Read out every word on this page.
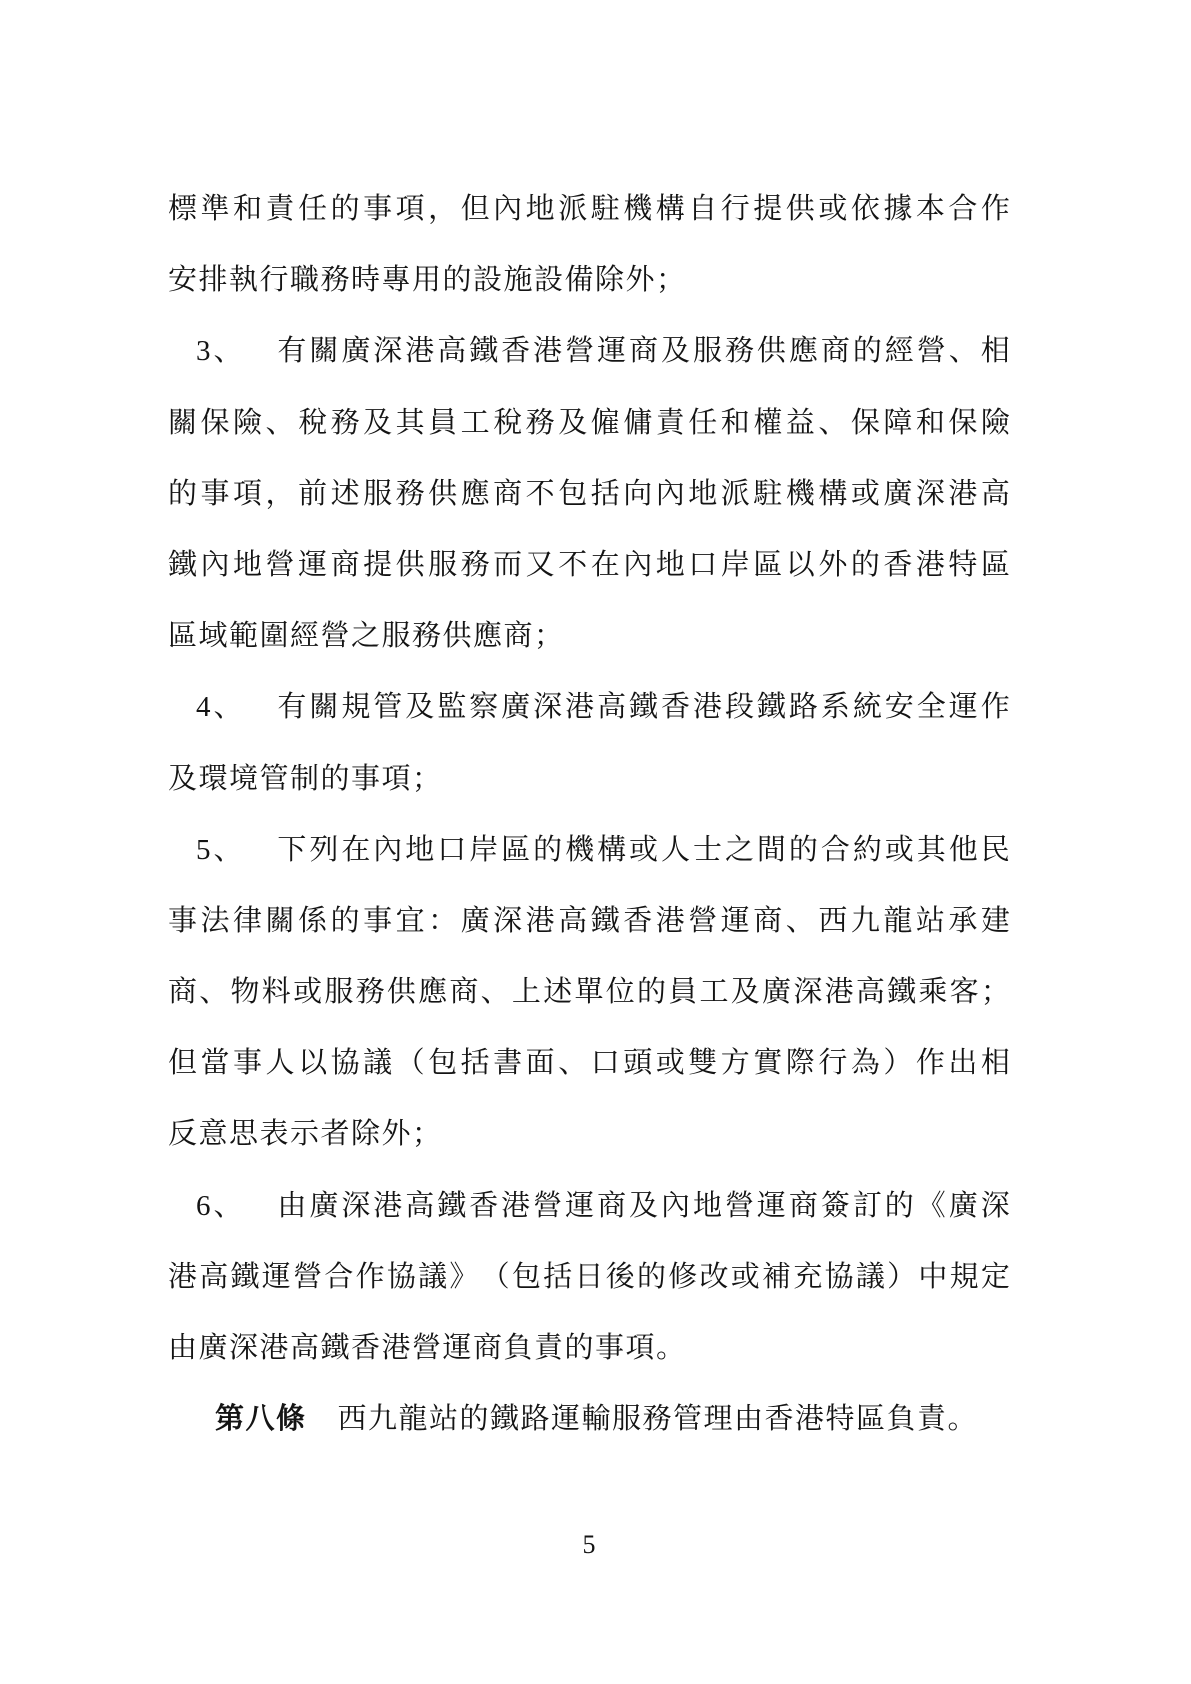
標 準 和 責 任 的 事 項 ， 但 內 地 派 駐 機 構 自 行 提 供 或 依 據 本 合 作
安排執行職務時專用的設施設備除外；
3 、
　 有 關 廣 深 港 高 鐵 香 港 營 運 商 及 服 務 供 應 商 的 經 營 、 相
關 保 險 、 稅 務 及 其 員 工 稅 務 及 僱 傭 責 任 和 權 益 、 保 障 和 保 險
的 事 項 ， 前 述 服 務 供 應 商 不 包 括 向 內 地 派 駐 機 構 或 廣 深 港 高
鐵 內 地 營 運 商 提 供 服 務 而 又 不 在 內 地 口 岸 區 以 外 的 香 港 特 區
區域範圍經營之服務供應商；
4 、
　 有 關 規 管 及 監 察 廣 深 港 高 鐵 香 港 段 鐵 路 系 統 安 全 運 作
及環境管制的事項；
5 、
　 下 列 在 內 地 口 岸 區 的 機 構 或 人 士 之 間 的 合 約 或 其 他 民
事 法 律 關 係 的 事 宜 ： 廣 深 港 高 鐵 香 港 營 運 商 、 西 九 龍 站 承 建
商 、 物 料 或 服 務 供 應 商 、 上 述 單 位 的 員 工 及 廣 深 港 高 鐵 乘 客 ；
但 當 事 人 以 協 議 （ 包 括 書 面 、 口 頭 或 雙 方 實 際 行 為 ） 作 出 相
反意思表示者除外；
6 、
　 由 廣 深 港 高 鐵 香 港 營 運 商 及 內 地 營 運 商 簽 訂 的 《 廣 深
港 高 鐵 運 營 合 作 協 議 》 （ 包 括 日 後 的 修 改 或 補 充 協 議 ） 中 規 定
由廣深港高鐵香港營運商負責的事項。
第八條 西九龍站的鐵路運輸服務管理由香港特區負責。
5
